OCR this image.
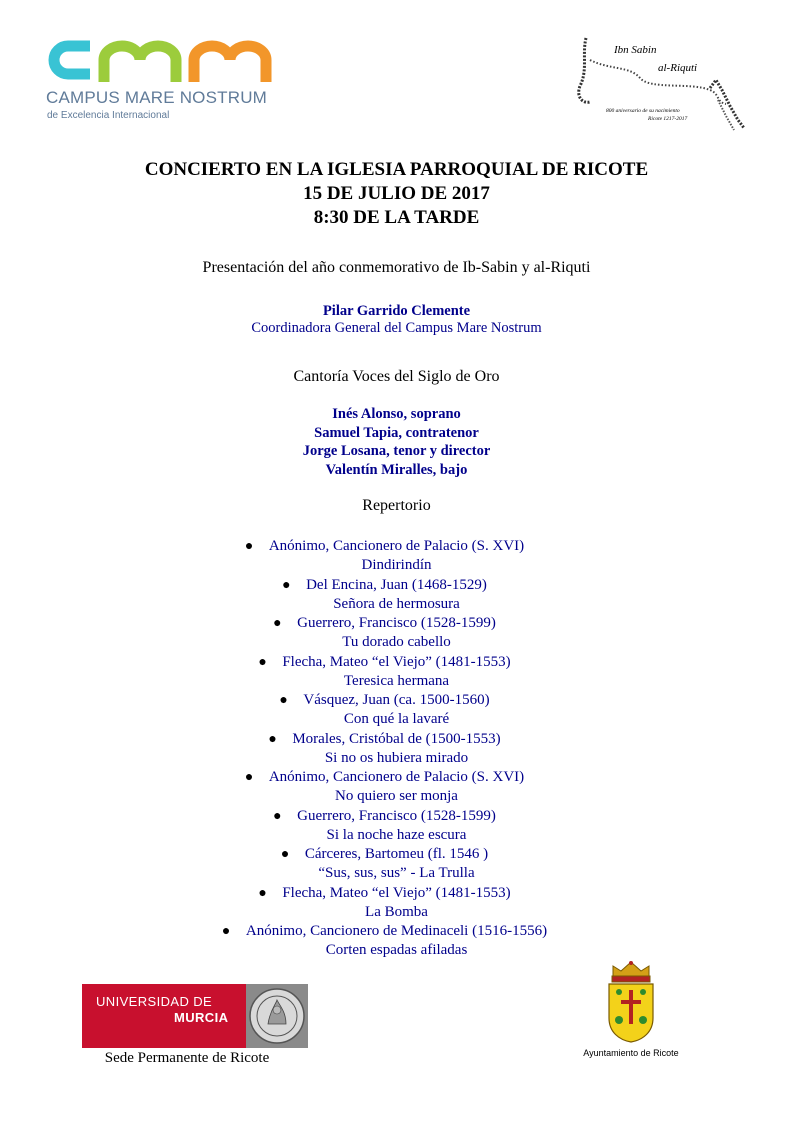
CAMPUS MARE NOSTRUM
de Excelencia Internacional
Ibn Sabin
al-Riquti
800 aniversario de su nacimiento
Ricote 1217-2017
CONCIERTO EN LA IGLESIA PARROQUIAL DE RICOTE
15 DE JULIO DE 2017
8:30 DE LA TARDE
Presentación del año conmemorativo de Ib-Sabin y al-Riquti
Pilar Garrido Clemente
Coordinadora General del Campus Mare Nostrum
Cantoría Voces del Siglo de Oro
Inés Alonso, soprano
Samuel Tapia, contratenor
Jorge Losana, tenor y director
Valentín Miralles, bajo
Repertorio
● Anónimo, Cancionero de Palacio (S. XVI)
Dindirindín
● Del Encina, Juan (1468-1529)
Señora de hermosura
● Guerrero, Francisco (1528-1599)
Tu dorado cabello
● Flecha, Mateo “el Viejo” (1481-1553)
Teresica hermana
● Vásquez, Juan (ca. 1500-1560)
Con qué la lavaré
● Morales, Cristóbal de (1500-1553)
Si no os hubiera mirado
● Anónimo, Cancionero de Palacio (S. XVI)
No quiero ser monja
● Guerrero, Francisco (1528-1599)
Si la noche haze escura
● Cárceres, Bartomeu (fl. 1546 )
“Sus, sus, sus” - La Trulla
● Flecha, Mateo “el Viejo” (1481-1553)
La Bomba
● Anónimo, Cancionero de Medinaceli (1516-1556)
Corten espadas afiladas
UNIVERSIDAD DE
MURCIA
Sede Permanente de Ricote	Ayuntamiento de Ricote
